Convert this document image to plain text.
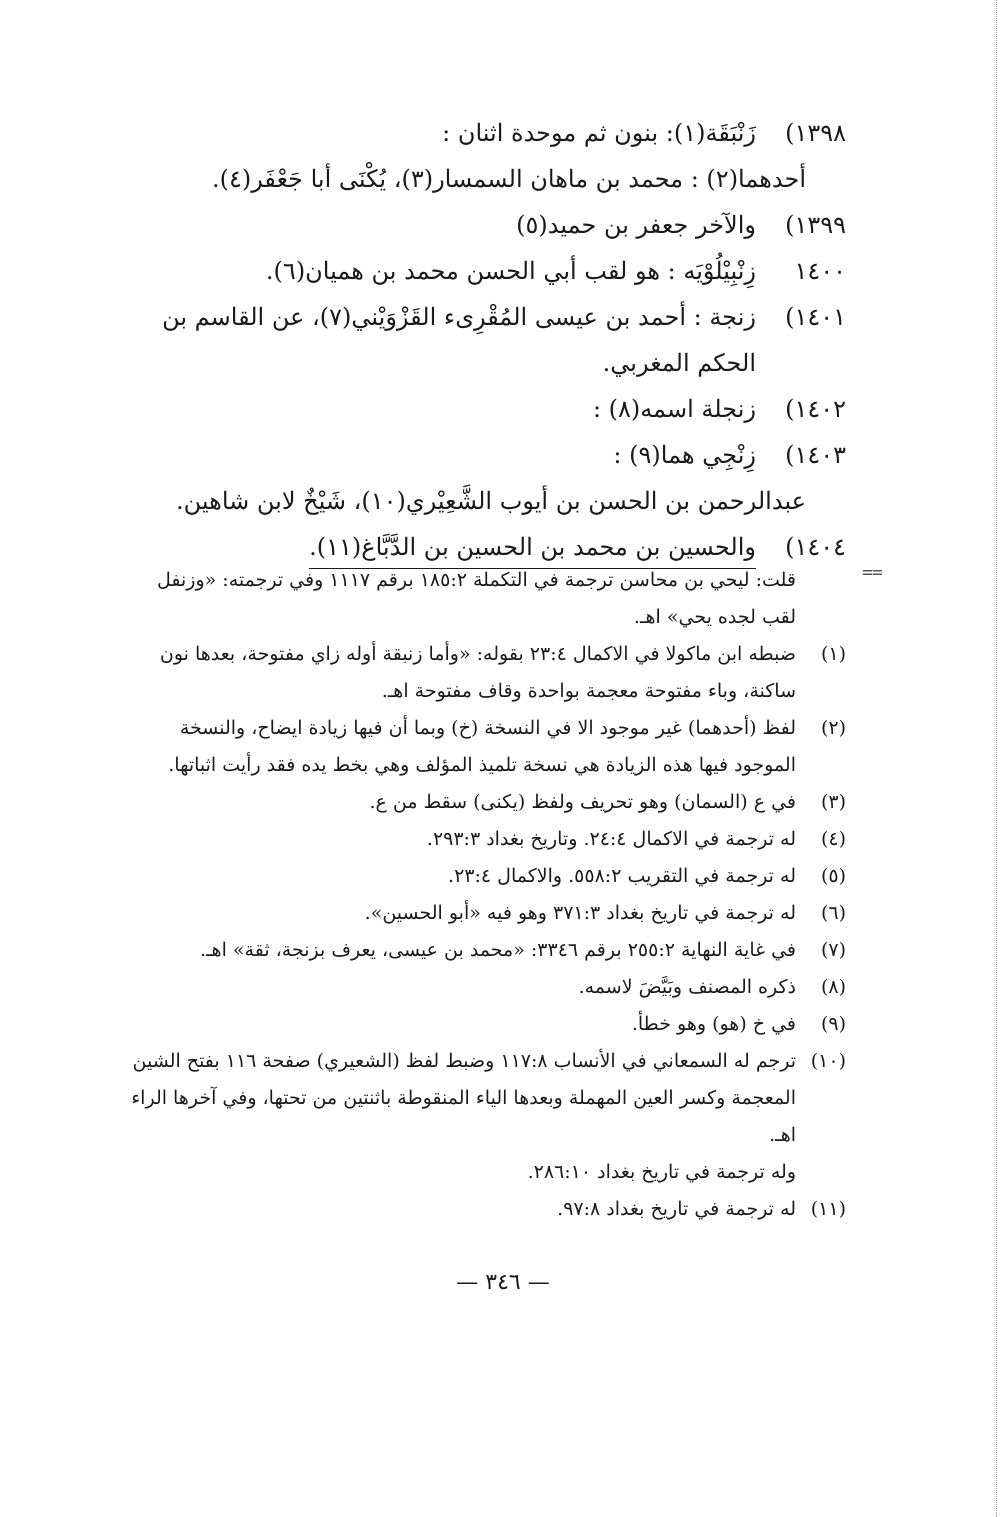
١٣٩٨)
زَنْبَقَة(١): بنون ثم موحدة اثنان :
أحدهما(٢) : محمد بن ماهان السمسار(٣)، يُكْنَى أبا جَعْفَر(٤).
١٣٩٩)
والآخر جعفر بن حميد(٥)
١٤٠٠
زِنْبِيْلُوْيَه : هو لقب أبي الحسن محمد بن هميان(٦).
١٤٠١)
زنجة : أحمد بن عيسى المُقْرِىء القَزْوَيْني(٧)، عن القاسم بن الحكم المغربي.
١٤٠٢)
زنجلة اسمه(٨) :
١٤٠٣)
زِنْجِي هما(٩) :
عبدالرحمن بن الحسن بن أيوب الشَّعِيْري(١٠)، شَيْخٌ لابن شاهين.
١٤٠٤)
والحسين بن محمد بن الحسين بن الدَّبَّاغ(١١).
==
قلت: ليحي بن محاسن ترجمة في التكملة ١٨٥:٢ برقم ١١١٧ وفي ترجمته: «وزنفل لقب لجده يحي» اهـ.
(١)
ضبطه ابن ماكولا في الاكمال ٢٣:٤ بقوله: «وأما زنبقة أوله زاي مفتوحة، بعدها نون ساكنة، وباء مفتوحة معجمة بواحدة وقاف مفتوحة اهـ.
(٢)
لفظ (أحدهما) غير موجود الا في النسخة (خ) وبما أن فيها زيادة ايضاح، والنسخة الموجود فيها هذه الزيادة هي نسخة تلميذ المؤلف وهي بخط يده فقد رأيت اثباتها.
(٣)
في ع (السمان) وهو تحريف ولفظ (يكنى) سقط من ع.
(٤)
له ترجمة في الاكمال ٢٤:٤. وتاريخ بغداد ٢٩٣:٣.
(٥)
له ترجمة في التقريب ٥٥٨:٢. والاكمال ٢٣:٤.
(٦)
له ترجمة في تاريخ بغداد ٣٧١:٣ وهو فيه «أبو الحسين».
(٧)
في غاية النهاية ٢٥٥:٢ برقم ٣٣٤٦: «محمد بن عيسى، يعرف بزنجة، ثقة» اهـ.
(٨)
ذكره المصنف وبَيَّضَ لاسمه.
(٩)
في خ (هو) وهو خطأ.
(١٠)
ترجم له السمعاني في الأنساب ١١٧:٨ وضبط لفظ (الشعيري) صفحة ١١٦ بفتح الشين المعجمة وكسر العين المهملة وبعدها الياء المنقوطة باثنتين من تحتها، وفي آخرها الراء اهـ.
وله ترجمة في تاريخ بغداد ٢٨٦:١٠.
(١١)
له ترجمة في تاريخ بغداد ٩٧:٨.
— ٣٤٦ —
